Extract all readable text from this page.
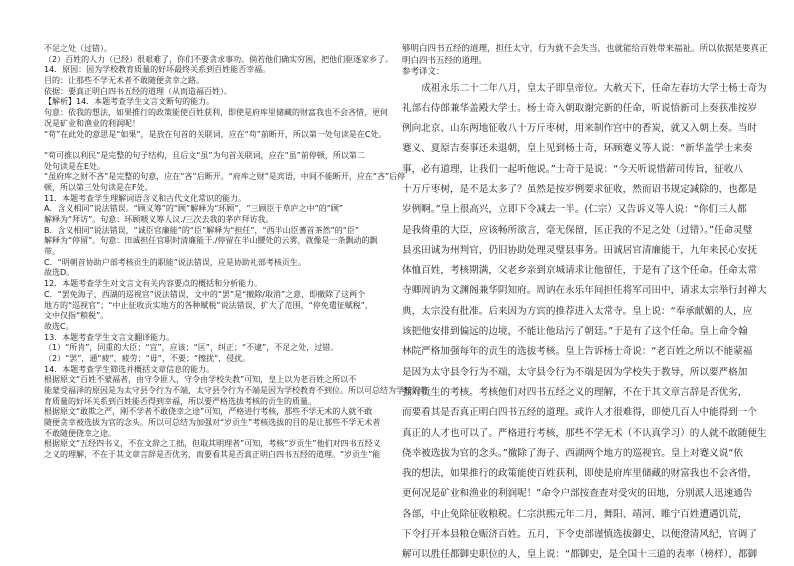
不足之处（过错）。
（2）百姓的人力（已经）很艰难了，你们不要贪求事功。倘若他们确实穷困，把他们驱逐家乡了。
14．原因：因为学校教育质量的好坏最终关系到百姓能否幸福。
目的：让那些不学无术者不敢随便贪幸之路。
依据：要真正明白四书五经的道理（从而造福百姓）。
【解析】14．本题考查学生文言文断句的能力。
句意：依我的想法，如果推行的政策能使百姓获利，即使是府库里储藏的财富我也不会吝惜，更何
况是矿业和渔业的利润呢！
“苟”在此处的意思是“如果”，是放在句首的关联词，应在“苟”前断开，所以第一处句读是在C处。
“苟可推以利民”是完整的句子结构，且后文“虽”为句首关联词，应在“虽”前停顿，所以第二
处句读是在E处。
“虽府库之财不吝”是完整的句意，应在“吝”后断开。“府库之财”是宾语，中间不能断开，应在“吝”后停
顿，所以第三处句读是在F处。
11．本题考查学生理解词语含义和古代文化常识的能力。
A．含义相同”说法错误。“顾义筹”的“顾”解释为“环顾”，“三顾臣于草庐之中”的“顾”
解释为“拜访”。句意：环顾喂义筹人议./三次去我的茅庐拜访我。
B．含义相同”说法错误，“诚臣官廉能”的“臣”解释为“担任”，“西半山臣蓍首茶然”的“臣”
解释为“停留”。句意：田诚担任官职时清廉能干./停留在半山腰处的云雾，就像是一条飘动的飘
带。
C．“明朝首协助户部考核贡生的职能”说法错误，应是协助礼部考核贡生。
故选D。
12．本题考查学生对文言文有关内容要点的概括和分析能力。
C．“罢免海子、西湖的巡视官”说法错误，文中的“罢”是“撤除/取消”之意，即撤除了这两个
地方的“巡视官”；“中止征收贡实地方的各种赋税”说法错误，扩大了范围，“停免遣征赋税”，
文中仅指“粮税”。
故选C。
13．本题考查学生文言文翻译能力。
（1）“所肯”，同重的大臣；“宜”，应该；“匡”，纠正；“不逮”，不足之处，过错。
（2）“罢”，通“疲”，疲劳；“毋”，不要；“擦扰”，侵扰。
14．本题考查学生筛选并概括文章信息的能力。
根据原文“百姓不蒙福者，由守令匪人，守令由学校失教”可知，皇上以为老百姓之所以不
能蒙受福泽的原因是为太守县令行为不端，太守县令行为不端是因为学校教育不到位。所以可总结为学校的教
育质量的好坏关系到百姓能否得到幸福，所以要严格选拔考核的贡生的质量。
根据原文“敢欺之严，刚不学者不敢侥幸之途”可知，严格进行考核，那些不学无术的人就不敢
随便贪幸被选拔为官的念头。所以可总结为加强对“岁贡生”考核选拔的目的是让那些不学无术者
不敢随便侥幸之途。
根据原文“五经四书义，不在文辞之工拙，但取其明理者”可知，考核“岁贡生”他们对四书五经义
之义的理解，不在于其文章言辞是否优劣，而要看其是否真正明白四书五经的道理。“岁贡生”能
够明白四书五经的道理，担任太守，行为就不会失当，也就能给百姓带来福祉。所以依据是要真正
明白四书五经的道理。
参考译文：
成祖永乐二十二年八月，皇太子即皇帝位。大赦天下，任命左春坊大学士杨士奇为
礼部右侍郎兼华盖殿大学士。杨士奇入朝取谢完新的任命，听说悟新司上奏获准按岁
例向北京、山东两地征收八十万斤枣树，用来制作宫中的香炭，就又入朝上奏。当时
蹇义、夏原吉奏事还未退朝，皇上见到杨士奇，环顾蹇义等人说：“新华盖学士来奏
事，必有道理，让我们一起听他说。”士奇于是说：“今天听说惜薪司传旨，征收八
十万斤枣树，是不是太多了？虽然是按岁例要求征收，然而诏书规定减除的，也都是
岁例啊。”皇上很高兴，立即下令减去一半。(仁宗）又告诉义等人说：“你们三人都
是我倚重的大臣，应该畅所欲言，毫无保留，匡正我的不足之处（过错）。”任命灵璧
县丞田诚为州判官，仍旧协助处理灵璧县事务。田诚居官清廉能干，九年来民心安抚
体恤百姓，考核期满，父老乡亲到京城请求让他留任，于是有了这个任命。任命太常
寺卿周讷为文渊阁兼华阴知府。周讷在永乐年间担任将军司田中，请求太宗举行封禅大
典，太宗没有批准。后来因为方宾的推荐进入太常寺。皇上说：“奉承献媚的人，应
该把他安排到偏远的边境，不能让他玷污了朝廷。”于是有了这个任命。皇上命令翰
林院严格加强每年的贡生的选拔考核。皇上告诉杨士奇说：“老百姓之所以不能蒙福
是因为太守县令行为不端，太守县令行为不端是因为学校失于教导，所以要严格加
强对贡生的考核。考核他们对四书五经之义的理解，不在于其文章言辞是否优劣，
而要看其是否真正明白四书五经的道理。或许人才很难得，即使几百人中能得到一个
真正的人才也可以了。严格进行考核，那些不学无术（不认真学习）的人就不敢随便生
侥幸被选拔为官的念头。”撤除了海子、西湖两个地方的巡视官。皇上对蹇义说“依
我的想法，如果推行的政策能使百姓获利，即使是府库里储藏的财富我也不会吝惜，
更何况是矿业和渔业的利润呢！”命令户部按查查对受灾的田地，分别派人迅速通告
各部，中止免除征收粮税。仁宗洪熙元年二月，舞阳、靖河、睢宁百姓遭遇饥荒，
下令打开本县粮仓赈济百姓。五月，下令吏部谨慎选拔御史，以便澄清风纪，官调了
解可以胜任都御史职位的人，皇上说：“都御史，是全国十三道的表率（榜样），都御
